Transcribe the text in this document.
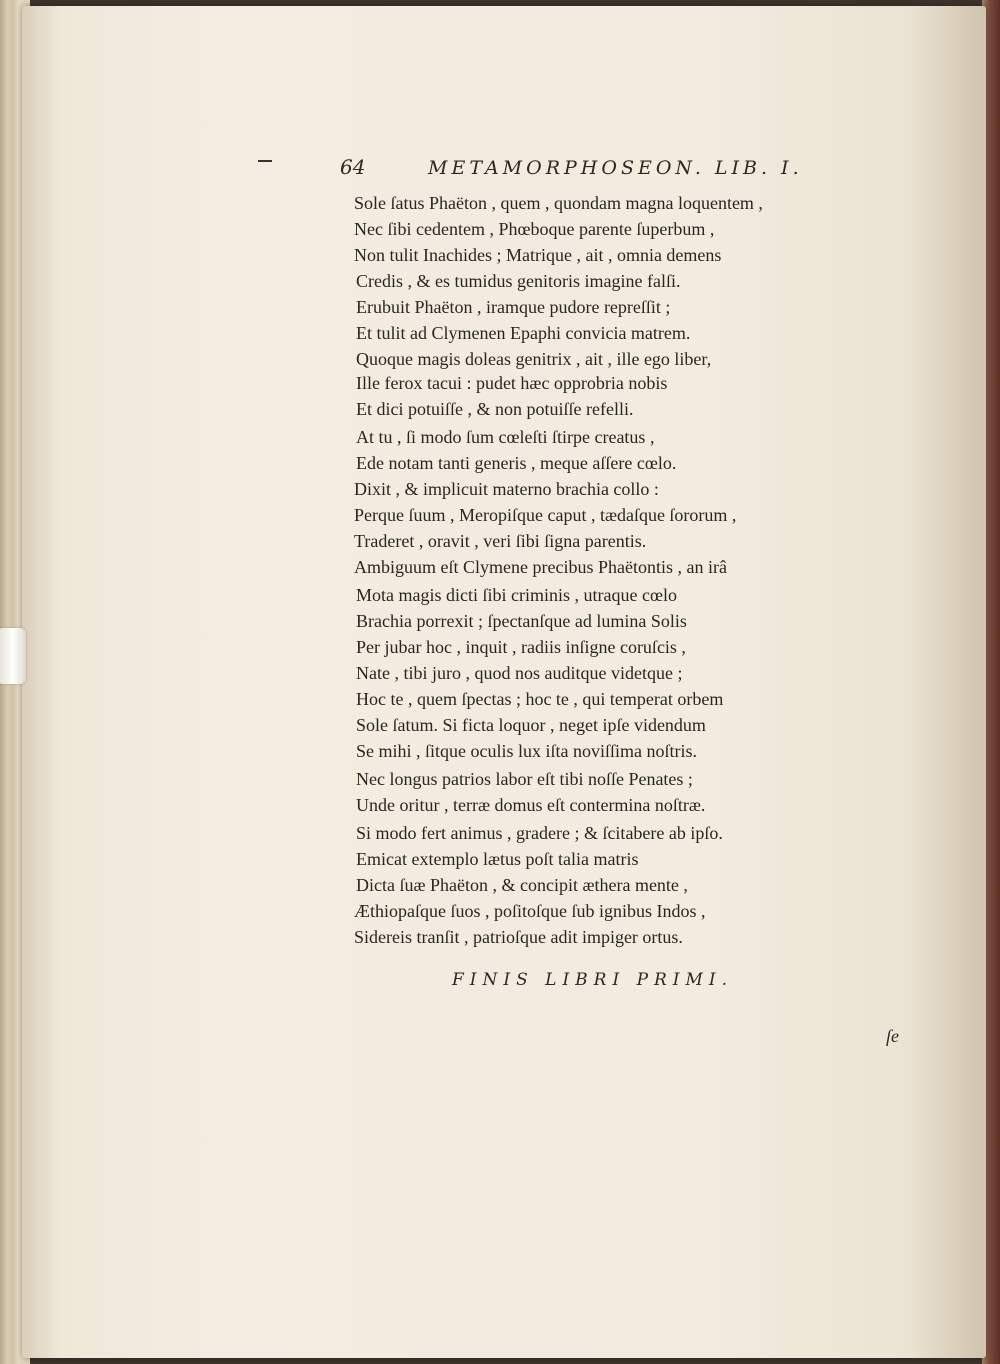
64	METAMORPHOSEON. LIB. I.
Sole ſatus Phaëton , quem , quondam magna loquentem ,
Nec ſibi cedentem , Phœboque parente ſuperbum ,
Non tulit Inachides ; Matrique , ait , omnia demens
Credis , & es tumidus genitoris imagine falſi.
Erubuit Phaëton , iramque pudore repreſſit ;
Et tulit ad Clymenen Epaphi convicia matrem.
Quoque magis doleas genitrix , ait , ille ego liber,
Ille ferox tacui : pudet hæc opprobria nobis
Et dici potuiſſe , & non potuiſſe refelli.
At tu , ſi modo ſum cœleſti ſtirpe creatus ,
Ede notam tanti generis , meque aſſere cœlo.
Dixit , & implicuit materno brachia collo :
Perque ſuum , Meropiſque caput , tædaſque ſororum ,
Traderet , oravit , veri ſibi ſigna parentis.
Ambiguum eſt Clymene precibus Phaëtontis , an irâ
Mota magis dicti ſibi criminis , utraque cœlo
Brachia porrexit ; ſpectanſque ad lumina Solis
Per jubar hoc , inquit , radiis inſigne coruſcis ,
Nate , tibi juro , quod nos auditque videtque ;
Hoc te , quem ſpectas ; hoc te , qui temperat orbem
Sole ſatum. Si ficta loquor , neget ipſe videndum
Se mihi , ſitque oculis lux iſta noviſſima noſtris.
Nec longus patrios labor eſt tibi noſſe Penates ;
Unde oritur , terræ domus eſt contermina noſtræ.
Si modo fert animus , gradere ; & ſcitabere ab ipſo.
Emicat extemplo lætus poſt talia matris
Dicta ſuæ Phaëton , & concipit æthera mente ,
Æthiopaſque ſuos , poſitoſque ſub ignibus Indos ,
Sidereis tranſit , patrioſque adit impiger ortus.
FINIS LIBRI PRIMI.
ſe
